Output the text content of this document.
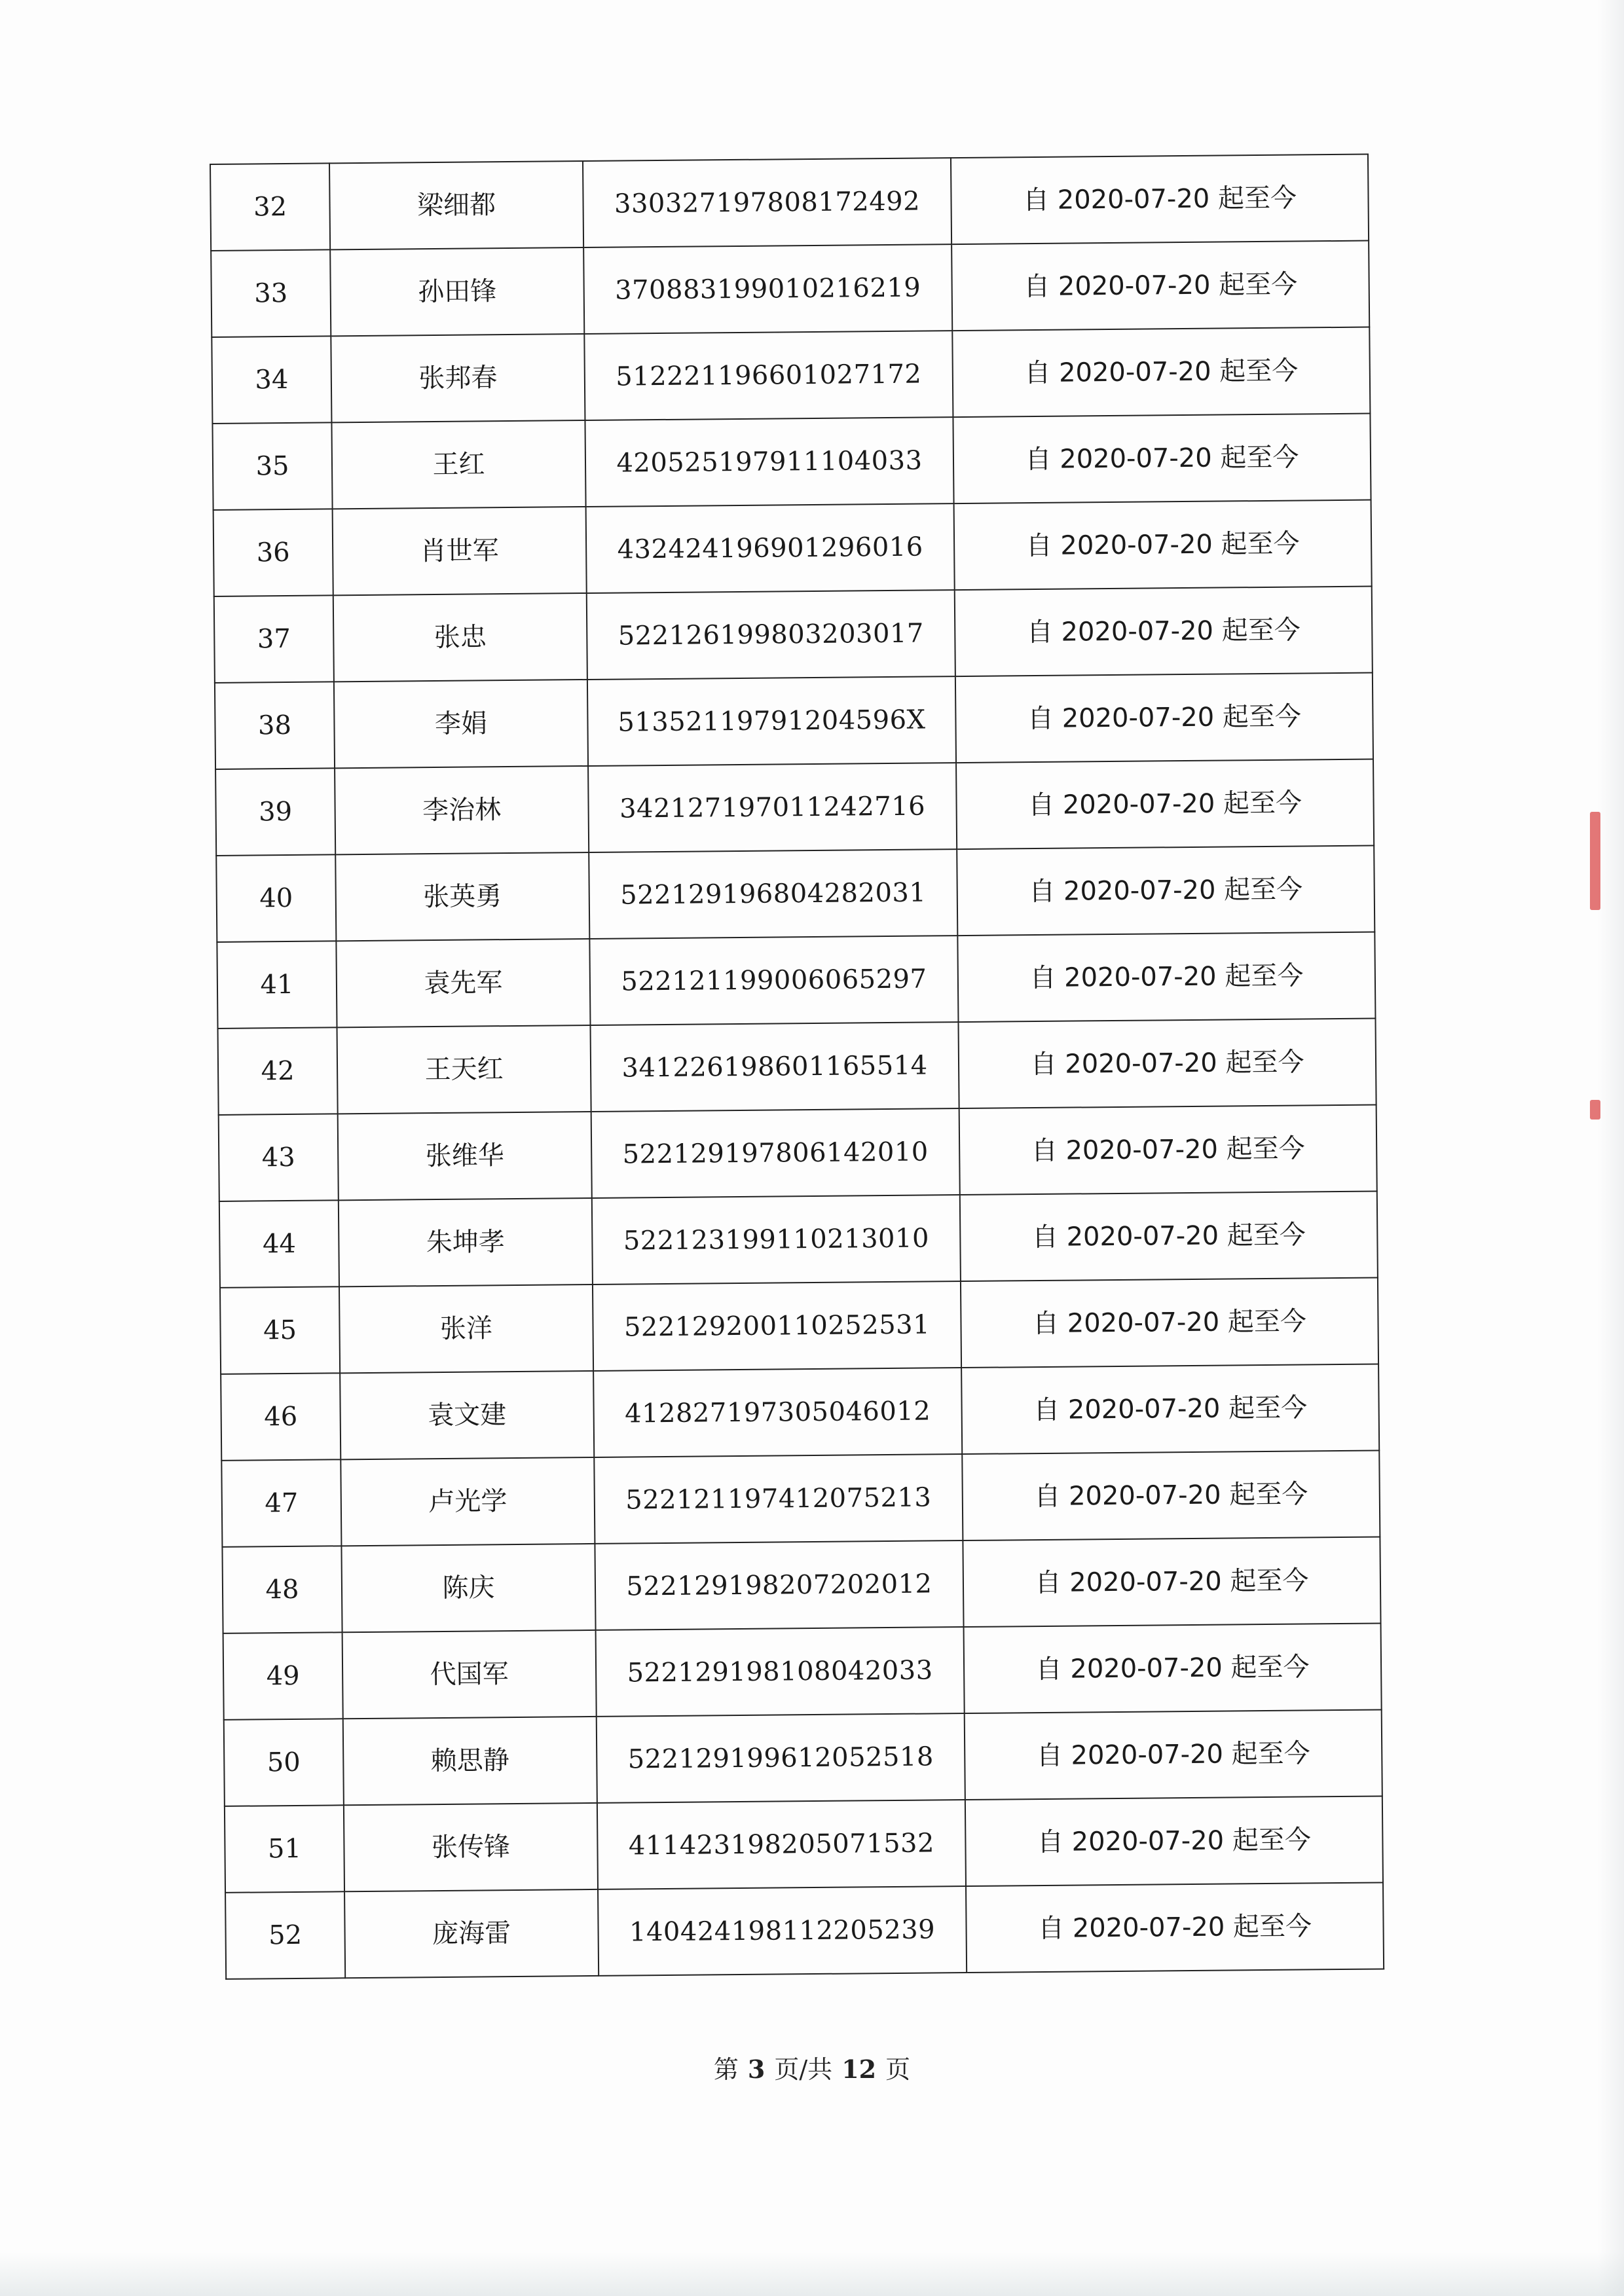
32	梁细都	330327197808172492	自 2020-07-20 起至今
33	孙田锋	370883199010216219	自 2020-07-20 起至今
34	张邦春	512221196601027172	自 2020-07-20 起至今
35	王红	420525197911104033	自 2020-07-20 起至今
36	肖世军	432424196901296016	自 2020-07-20 起至今
37	张忠	522126199803203017	自 2020-07-20 起至今
38	李娟	51352119791204596X	自 2020-07-20 起至今
39	李治林	342127197011242716	自 2020-07-20 起至今
40	张英勇	522129196804282031	自 2020-07-20 起至今
41	袁先军	522121199006065297	自 2020-07-20 起至今
42	王天红	341226198601165514	自 2020-07-20 起至今
43	张维华	522129197806142010	自 2020-07-20 起至今
44	朱坤孝	522123199110213010	自 2020-07-20 起至今
45	张洋	522129200110252531	自 2020-07-20 起至今
46	袁文建	412827197305046012	自 2020-07-20 起至今
47	卢光学	522121197412075213	自 2020-07-20 起至今
48	陈庆	522129198207202012	自 2020-07-20 起至今
49	代国军	522129198108042033	自 2020-07-20 起至今
50	赖思静	522129199612052518	自 2020-07-20 起至今
51	张传锋	411423198205071532	自 2020-07-20 起至今
52	庞海雷	140424198112205239	自 2020-07-20 起至今
第 3 页/共 12 页
